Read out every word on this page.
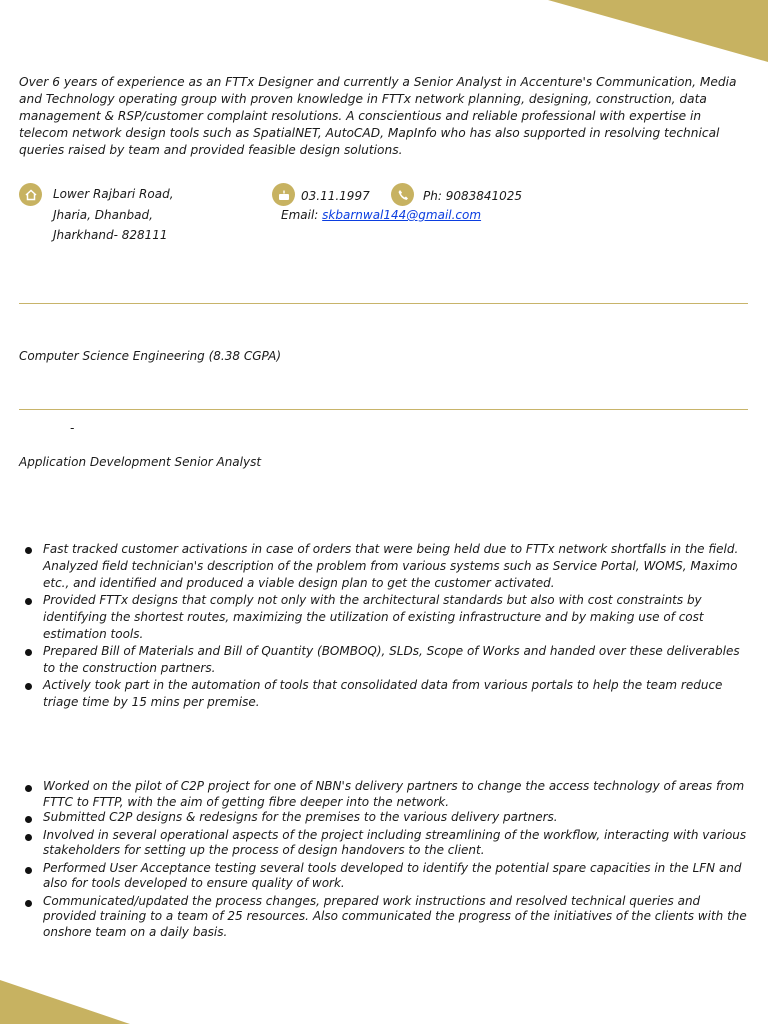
Over 6 years of experience as an FTTx Designer and currently a Senior Analyst in Accenture's Communication, Media and Technology operating group with proven knowledge in FTTx network planning, designing, construction, data management & RSP/customer complaint resolutions. A conscientious and reliable professional with expertise in telecom network design tools such as SpatialNET, AutoCAD, MapInfo who has also supported in resolving technical queries raised by team and provided feasible design solutions.

Lower Rajbari Road,
Jharia, Dhanbad,
Jharkhand- 828111
03.11.1997	Ph: 9083841025
Email: skbarnwal144@gmail.com
Computer Science Engineering (8.38 CGPA)
-
Application Development Senior Analyst
Fast tracked customer activations in case of orders that were being held due to FTTx network shortfalls in the field. Analyzed field technician's description of the problem from various systems such as Service Portal, WOMS, Maximo etc., and identified and produced a viable design plan to get the customer activated.
Provided FTTx designs that comply not only with the architectural standards but also with cost constraints by identifying the shortest routes, maximizing the utilization of existing infrastructure and by making use of cost estimation tools.
Prepared Bill of Materials and Bill of Quantity (BOMBOQ), SLDs, Scope of Works and handed over these deliverables to the construction partners.
Actively took part in the automation of tools that consolidated data from various portals to help the team reduce triage time by 15 mins per premise.
Worked on the pilot of C2P project for one of NBN's delivery partners to change the access technology of areas from FTTC to FTTP, with the aim of getting fibre deeper into the network.
Submitted C2P designs & redesigns for the premises to the various delivery partners.
Involved in several operational aspects of the project including streamlining of the workflow, interacting with various stakeholders for setting up the process of design handovers to the client.
Performed User Acceptance testing several tools developed to identify the potential spare capacities in the LFN and also for tools developed to ensure quality of work.
Communicated/updated the process changes, prepared work instructions and resolved technical queries and provided training to a team of 25 resources. Also communicated the progress of the initiatives of the clients with the onshore team on a daily basis.
